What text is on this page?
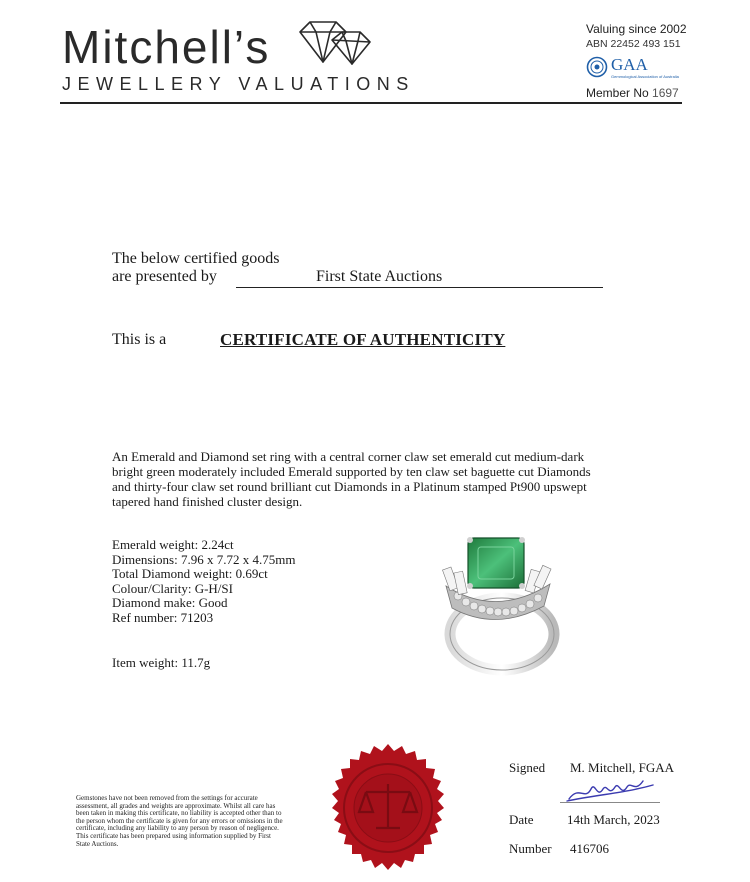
Mitchell’s
JEWELLERY VALUATIONS
Valuing since 2002
ABN 22452 493 151
GAA
Gemmological Association of Australia
Member No 1697
The below certified goods
are presented by	First State Auctions
This is a	CERTIFICATE OF AUTHENTICITY
An Emerald and Diamond set ring with a central corner claw set emerald cut medium-dark bright green moderately included Emerald supported by ten claw set baguette cut Diamonds and thirty-four claw set round brilliant cut Diamonds in a Platinum stamped Pt900 upswept tapered hand finished cluster design.
Emerald weight: 2.24ct
Dimensions: 7.96 x 7.72 x 4.75mm
Total Diamond weight: 0.69ct
Colour/Clarity: G-H/SI
Diamond make: Good
Ref number: 71203
Item weight: 11.7g
Gemstones have not been removed from the settings for accurate assessment, all grades and weights are approximate. Whilst all care has been taken in making this certificate, no liability is accepted other than to the person whom the certificate is given for any errors or omissions in the certificate, including any liability to any person by reason of negligence. This certificate has been prepared using information supplied by First State Auctions.
Signed M. Mitchell, FGAA
Date	14th March, 2023
Number 416706
